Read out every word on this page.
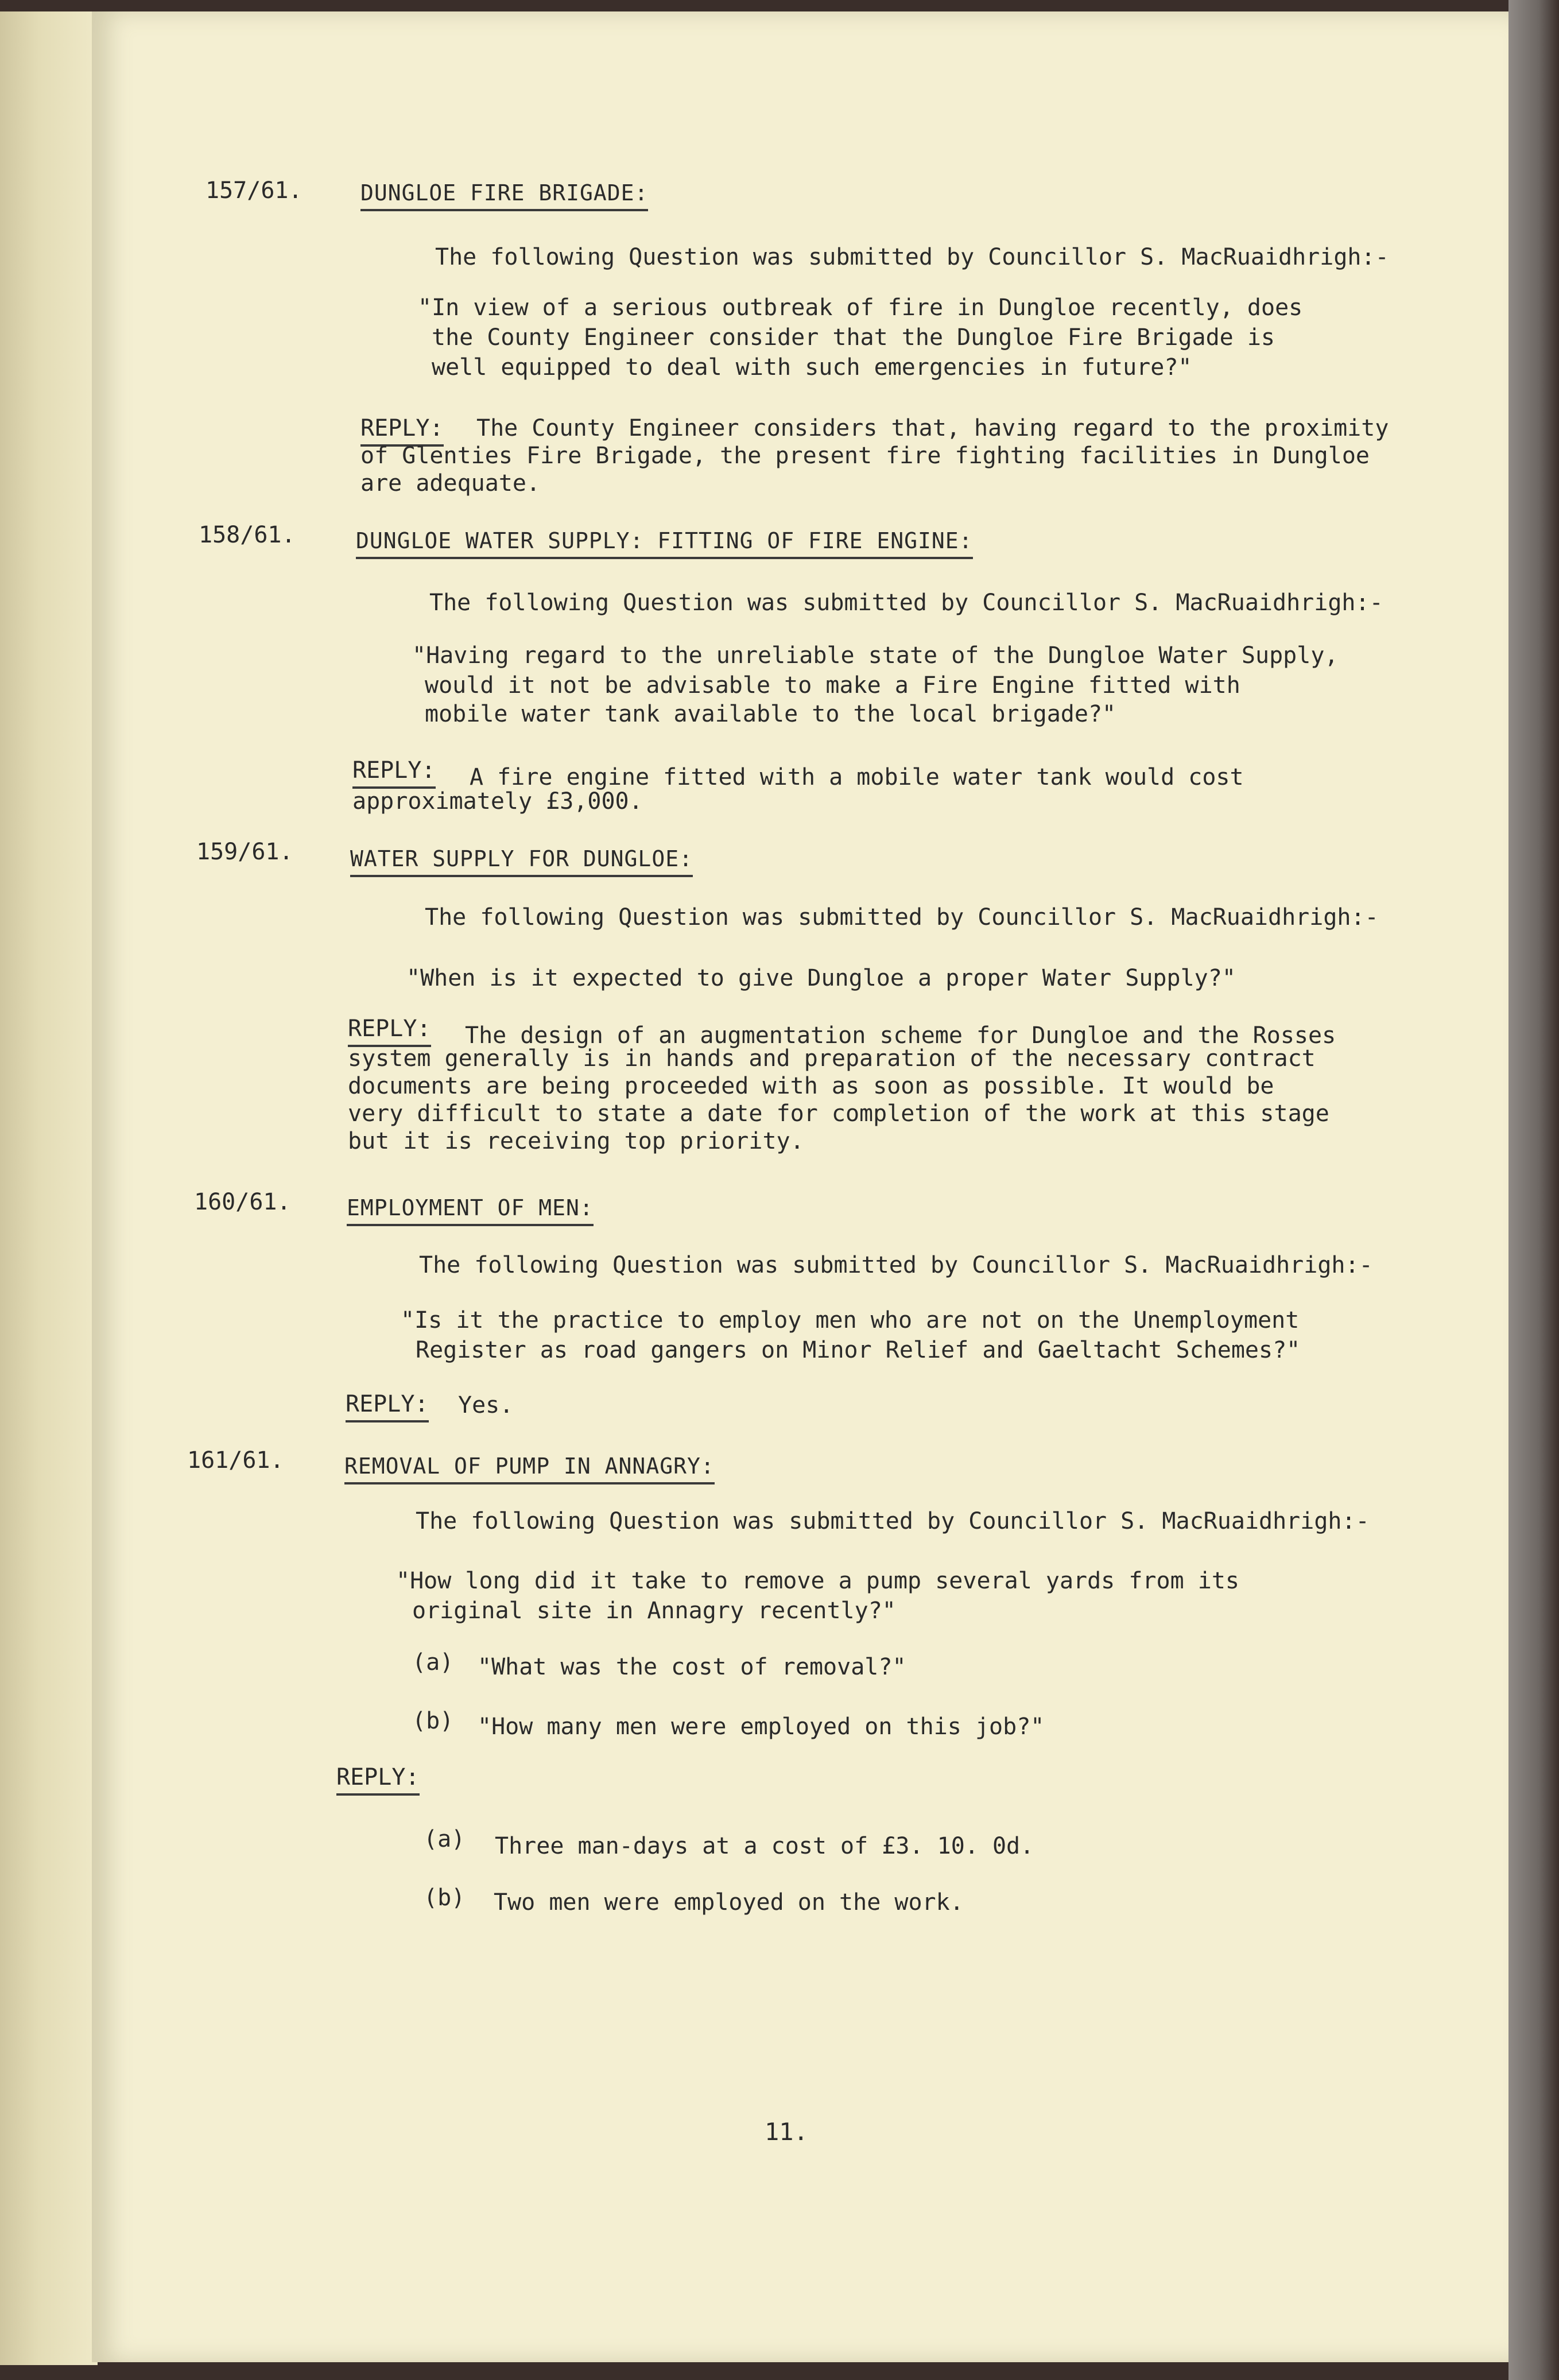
157/61.	DUNGLOE FIRE BRIGADE:
The following Question was submitted by Councillor S. MacRuaidhrigh:-
"In view of a serious outbreak of fire in Dungloe recently, does
the County Engineer consider that the Dungloe Fire Brigade is
well equipped to deal with such emergencies in future?"
REPLY: The County Engineer considers that, having regard to the proximity
of Glenties Fire Brigade, the present fire fighting facilities in Dungloe
are adequate.
158/61.	DUNGLOE WATER SUPPLY: FITTING OF FIRE ENGINE:
The following Question was submitted by Councillor S. MacRuaidhrigh:-
"Having regard to the unreliable state of the Dungloe Water Supply,
would it not be advisable to make a Fire Engine fitted with
mobile water tank available to the local brigade?"
REPLY: A fire engine fitted with a mobile water tank would cost
approximately £3,000.
159/61.	WATER SUPPLY FOR DUNGLOE:
The following Question was submitted by Councillor S. MacRuaidhrigh:-
"When is it expected to give Dungloe a proper Water Supply?"
REPLY: The design of an augmentation scheme for Dungloe and the Rosses
system generally is in hands and preparation of the necessary contract
documents are being proceeded with as soon as possible. It would be
very difficult to state a date for completion of the work at this stage
but it is receiving top priority.
160/61.	EMPLOYMENT OF MEN:
The following Question was submitted by Councillor S. MacRuaidhrigh:-
"Is it the practice to employ men who are not on the Unemployment
Register as road gangers on Minor Relief and Gaeltacht Schemes?"
REPLY: Yes.
161/61.	REMOVAL OF PUMP IN ANNAGRY:
The following Question was submitted by Councillor S. MacRuaidhrigh:-
"How long did it take to remove a pump several yards from its
original site in Annagry recently?"
(a) "What was the cost of removal?"
(b) "How many men were employed on this job?"
REPLY:
(a) Three man-days at a cost of £3. 10. 0d.
(b) Two men were employed on the work.
11.
